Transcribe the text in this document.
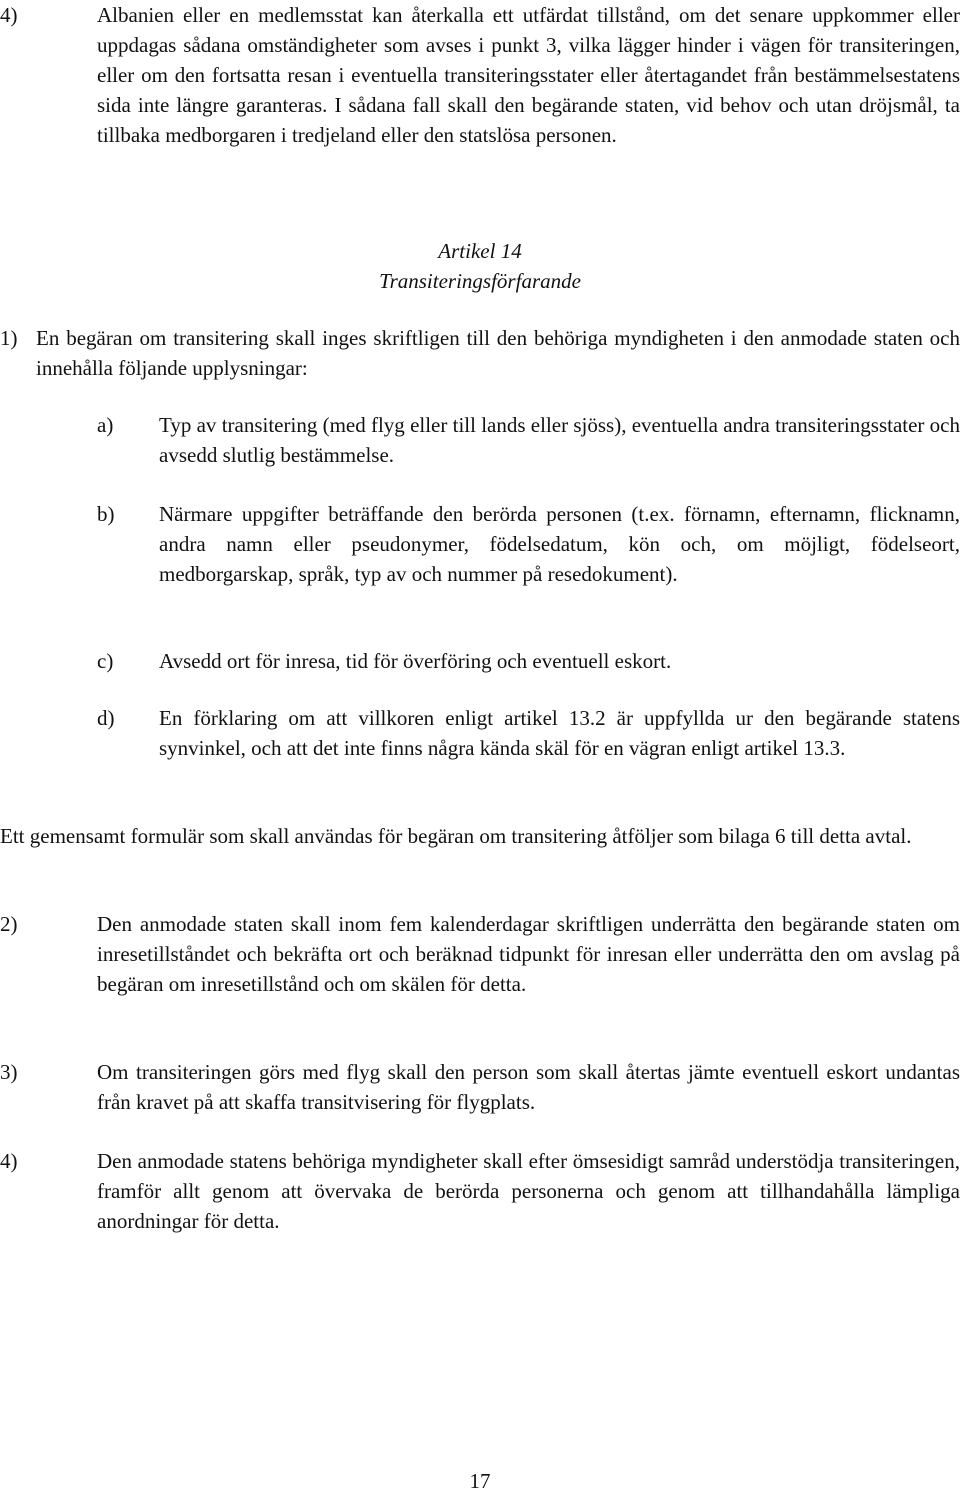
4)	Albanien eller en medlemsstat kan återkalla ett utfärdat tillstånd, om det senare uppkommer eller uppdagas sådana omständigheter som avses i punkt 3, vilka lägger hinder i vägen för transiteringen, eller om den fortsatta resan i eventuella transiteringsstater eller återtagandet från bestämmelsestatens sida inte längre garanteras. I sådana fall skall den begärande staten, vid behov och utan dröjsmål, ta tillbaka medborgaren i tredjeland eller den statslösa personen.
Artikel 14
Transiteringsförfarande
1) En begäran om transitering skall inges skriftligen till den behöriga myndigheten i den anmodade staten och innehålla följande upplysningar:
a) Typ av transitering (med flyg eller till lands eller sjöss), eventuella andra transiteringsstater och avsedd slutlig bestämmelse.
b) Närmare uppgifter beträffande den berörda personen (t.ex. förnamn, efternamn, flicknamn, andra namn eller pseudonymer, födelsedatum, kön och, om möjligt, födelseort, medborgarskap, språk, typ av och nummer på resedokument).
c) Avsedd ort för inresa, tid för överföring och eventuell eskort.
d) En förklaring om att villkoren enligt artikel 13.2 är uppfyllda ur den begärande statens synvinkel, och att det inte finns några kända skäl för en vägran enligt artikel 13.3.
Ett gemensamt formulär som skall användas för begäran om transitering åtföljer som bilaga 6 till detta avtal.
2)	Den anmodade staten skall inom fem kalenderdagar skriftligen underrätta den begärande staten om inresetillståndet och bekräfta ort och beräknad tidpunkt för inresan eller underrätta den om avslag på begäran om inresetillstånd och om skälen för detta.
3)	Om transiteringen görs med flyg skall den person som skall återtas jämte eventuell eskort undantas från kravet på att skaffa transitvisering för flygplats.
4)	Den anmodade statens behöriga myndigheter skall efter ömsesidigt samråd understödja transiteringen, framför allt genom att övervaka de berörda personerna och genom att tillhandahålla lämpliga anordningar för detta.
17
